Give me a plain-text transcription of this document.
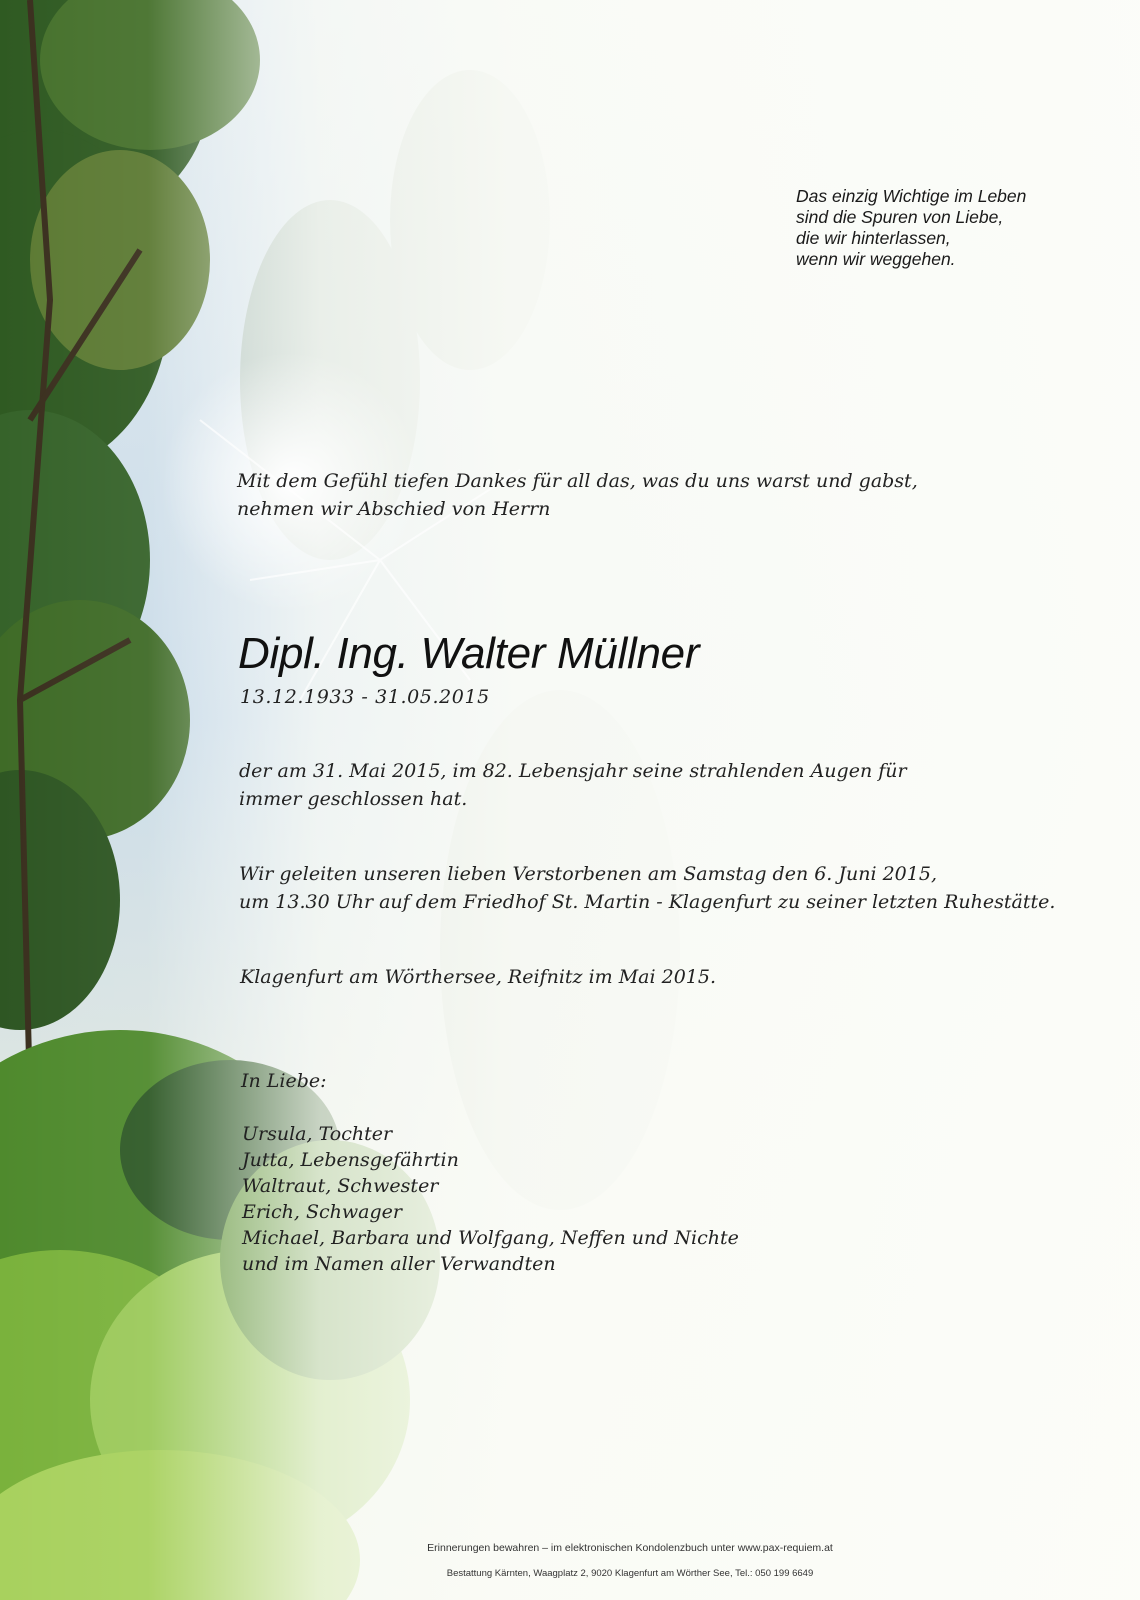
Das einzig Wichtige im Leben
sind die Spuren von Liebe,
die wir hinterlassen,
wenn wir weggehen.
Mit dem Gefühl tiefen Dankes für all das, was du uns warst und gabst,
nehmen wir Abschied von Herrn
Dipl. Ing. Walter Müllner
13.12.1933 - 31.05.2015
der am 31. Mai 2015, im 82. Lebensjahr seine strahlenden Augen für
immer geschlossen hat.
Wir geleiten unseren lieben Verstorbenen am Samstag den 6. Juni 2015,
um 13.30 Uhr auf dem Friedhof St. Martin - Klagenfurt zu seiner letzten Ruhestätte.
Klagenfurt am Wörthersee, Reifnitz im Mai 2015.
In Liebe:
Ursula, Tochter
Jutta, Lebensgefährtin
Waltraut, Schwester
Erich, Schwager
Michael, Barbara und Wolfgang, Neffen und Nichte
und im Namen aller Verwandten
Erinnerungen bewahren – im elektronischen Kondolenzbuch unter www.pax-requiem.at
Bestattung Kärnten, Waagplatz 2, 9020 Klagenfurt am Wörther See, Tel.: 050 199 6649
